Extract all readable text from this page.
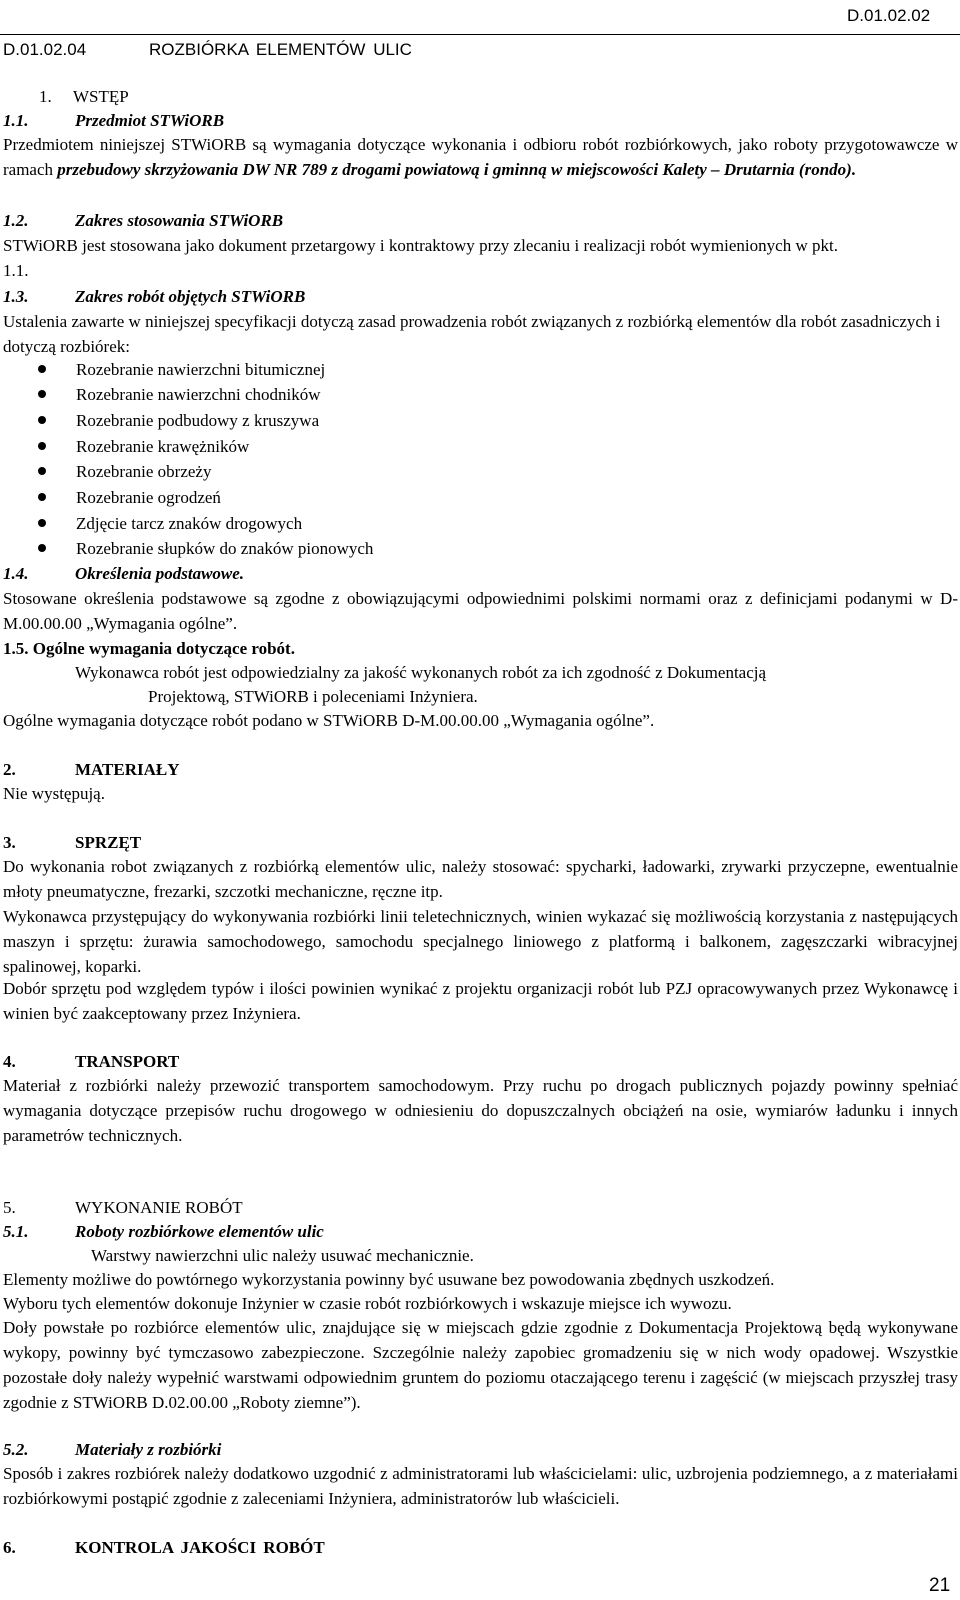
D.01.02.02
D.01.02.04	ROZBIÓRKA ELEMENTÓW ULIC
1. WSTĘP
1.1.	Przedmiot STWiORB
Przedmiotem niniejszej STWiORB są wymagania dotyczące wykonania i odbioru robót rozbiórkowych, jako roboty przygotowawcze w ramach przebudowy skrzyżowania DW NR 789 z drogami powiatową i gminną w miejscowości Kalety – Drutarnia (rondo).
1.2.	Zakres stosowania STWiORB
STWiORB jest stosowana jako dokument przetargowy i kontraktowy przy zlecaniu i realizacji robót wymienionych w pkt. 1.1.
1.3.	Zakres robót objętych STWiORB
Ustalenia zawarte w niniejszej specyfikacji dotyczą zasad prowadzenia robót związanych z rozbiórką elementów dla robót zasadniczych i dotyczą rozbiórek:
Rozebranie nawierzchni bitumicznej
Rozebranie nawierzchni chodników
Rozebranie podbudowy z kruszywa
Rozebranie krawężników
Rozebranie obrzeży
Rozebranie ogrodzeń
Zdjęcie tarcz znaków drogowych
Rozebranie słupków do znaków pionowych
1.4.	Określenia podstawowe.
Stosowane określenia podstawowe są zgodne z obowiązującymi odpowiednimi polskimi normami oraz z definicjami podanymi w D-M.00.00.00 „Wymagania ogólne”.
1.5. Ogólne wymagania dotyczące robót.
Wykonawca robót jest odpowiedzialny za jakość wykonanych robót za ich zgodność z Dokumentacją
Projektową, STWiORB i poleceniami Inżyniera.
Ogólne wymagania dotyczące robót podano w STWiORB D-M.00.00.00 „Wymagania ogólne”.
2.	MATERIAŁY
Nie występują.
3.	SPRZĘT
Do wykonania robot związanych z rozbiórką elementów ulic, należy stosować: spycharki, ładowarki, zrywarki przyczepne, ewentualnie młoty pneumatyczne, frezarki, szczotki mechaniczne, ręczne itp.
Wykonawca przystępujący do wykonywania rozbiórki linii teletechnicznych, winien wykazać się możliwością korzystania z następujących maszyn i sprzętu: żurawia samochodowego, samochodu specjalnego liniowego z platformą i balkonem, zagęszczarki wibracyjnej spalinowej, koparki.
Dobór sprzętu pod względem typów i ilości powinien wynikać z projektu organizacji robót lub PZJ opracowywanych przez Wykonawcę i winien być zaakceptowany przez Inżyniera.
4.	TRANSPORT
Materiał z rozbiórki należy przewozić transportem samochodowym. Przy ruchu po drogach publicznych pojazdy powinny spełniać wymagania dotyczące przepisów ruchu drogowego w odniesieniu do dopuszczalnych obciążeń na osie, wymiarów ładunku i innych parametrów technicznych.
5.	WYKONANIE ROBÓT
5.1.	Roboty rozbiórkowe elementów ulic
Warstwy nawierzchni ulic należy usuwać mechanicznie.
Elementy możliwe do powtórnego wykorzystania powinny być usuwane bez powodowania zbędnych uszkodzeń.
Wyboru tych elementów dokonuje Inżynier w czasie robót rozbiórkowych i wskazuje miejsce ich wywozu.
Doły powstałe po rozbiórce elementów ulic, znajdujące się w miejscach gdzie zgodnie z Dokumentacja Projektową będą wykonywane wykopy, powinny być tymczasowo zabezpieczone. Szczególnie należy zapobiec gromadzeniu się w nich wody opadowej. Wszystkie pozostałe doły należy wypełnić warstwami odpowiednim gruntem do poziomu otaczającego terenu i zagęścić (w miejscach przyszłej trasy zgodnie z STWiORB D.02.00.00 „Roboty ziemne”).
5.2.	Materiały z rozbiórki
Sposób i zakres rozbiórek należy dodatkowo uzgodnić z administratorami lub właścicielami: ulic, uzbrojenia podziemnego, a z materiałami rozbiórkowymi postąpić zgodnie z zaleceniami Inżyniera, administratorów lub właścicieli.
6.	KONTROLA JAKOŚCI ROBÓT
21
